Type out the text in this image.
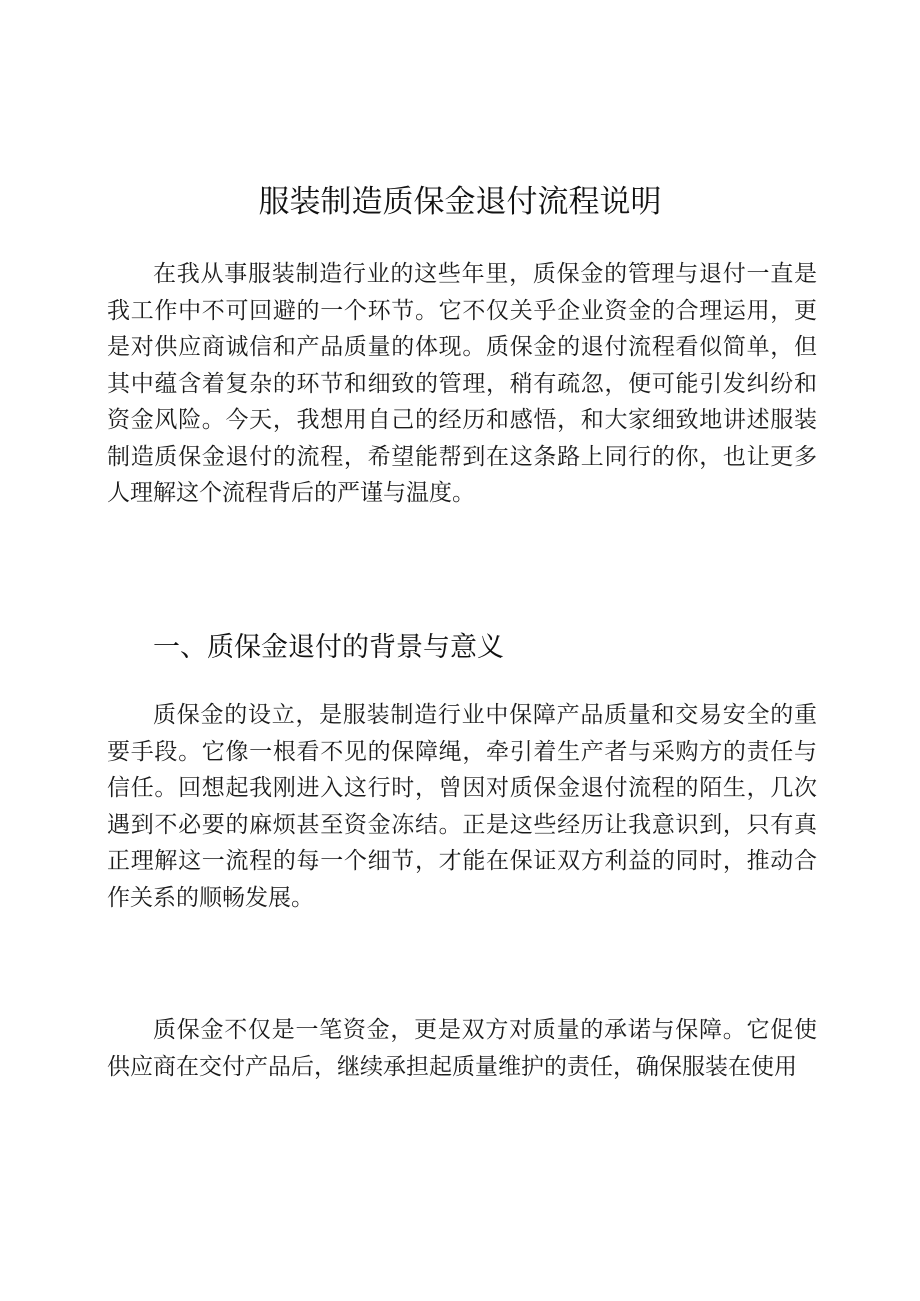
服装制造质保金退付流程说明

在我从事服装制造行业的这些年里，质保金的管理与退付一直是我工作中不可回避的一个环节。它不仅关乎企业资金的合理运用，更是对供应商诚信和产品质量的体现。质保金的退付流程看似简单，但其中蕴含着复杂的环节和细致的管理，稍有疏忽，便可能引发纠纷和资金风险。今天，我想用自己的经历和感悟，和大家细致地讲述服装制造质保金退付的流程，希望能帮到在这条路上同行的你，也让更多人理解这个流程背后的严谨与温度。

一、质保金退付的背景与意义

质保金的设立，是服装制造行业中保障产品质量和交易安全的重要手段。它像一根看不见的保障绳，牵引着生产者与采购方的责任与信任。回想起我刚进入这行时，曾因对质保金退付流程的陌生，几次遇到不必要的麻烦甚至资金冻结。正是这些经历让我意识到，只有真正理解这一流程的每一个细节，才能在保证双方利益的同时，推动合作关系的顺畅发展。

质保金不仅是一笔资金，更是双方对质量的承诺与保障。它促使供应商在交付产品后，继续承担起质量维护的责任，确保服装在使用
